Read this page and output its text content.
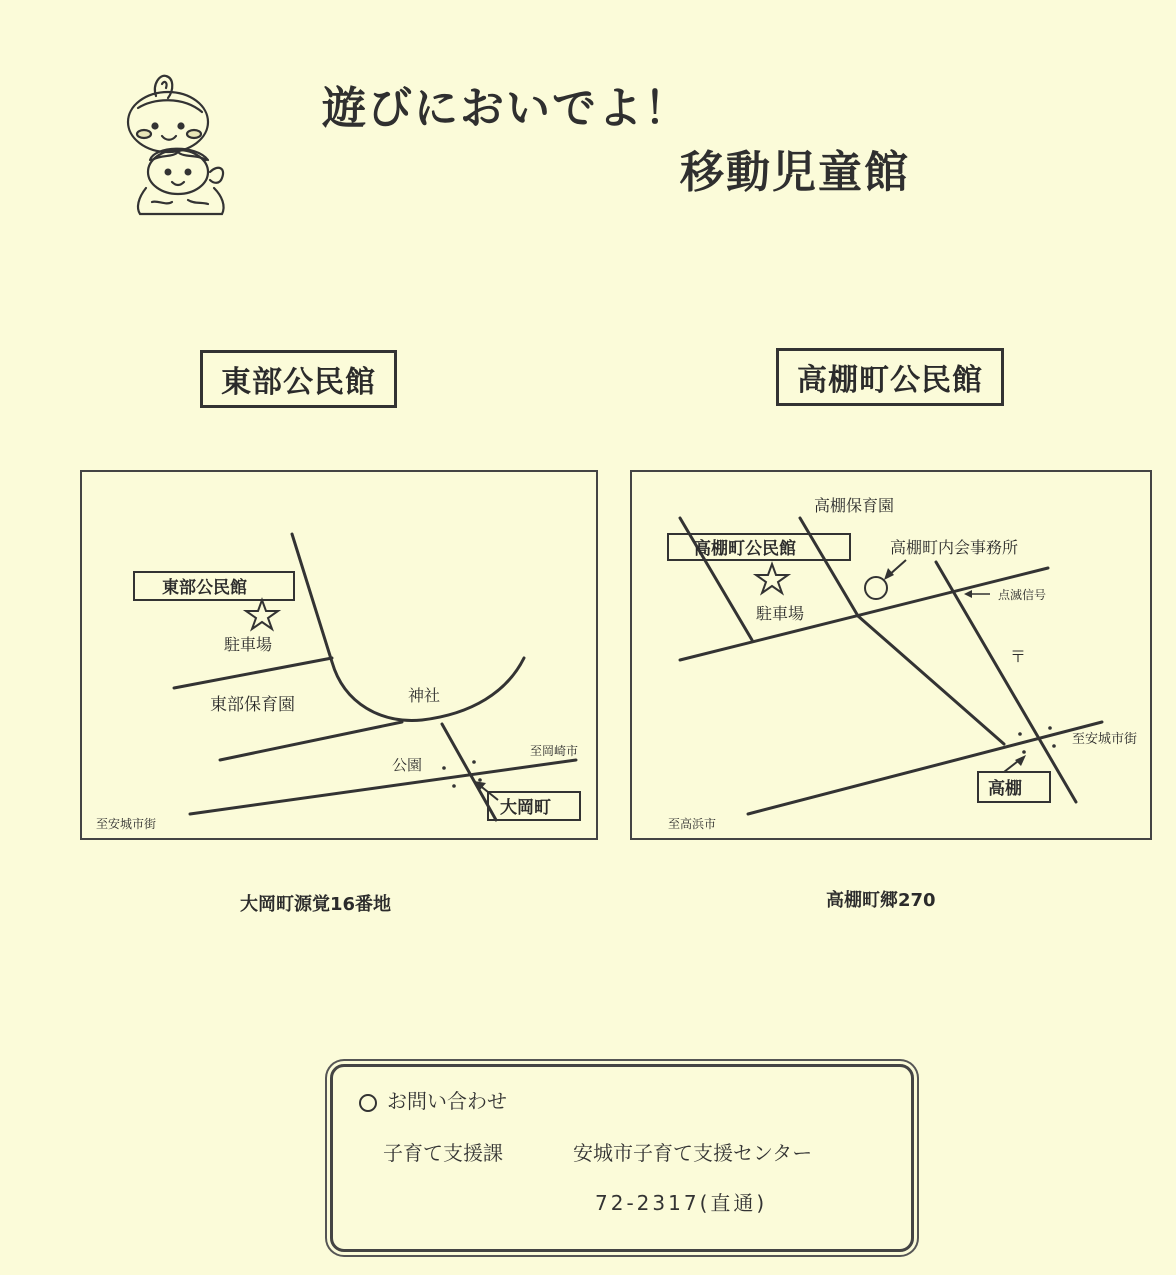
遊びにおいでよ！
移動児童館
東部公民館	高棚町公民館
東部公民館
駐車場
東部保育園	神社
公園
至岡崎市
至安城市街
大岡町
高棚保育園
高棚町公民館
駐車場
高棚町内会事務所
点滅信号
〒
至安城市街
至高浜市
高棚
大岡町源覚16番地	高棚町郷270
お問い合わせ
子育て支援課	安城市子育て支援センター
72-2317(直通)
